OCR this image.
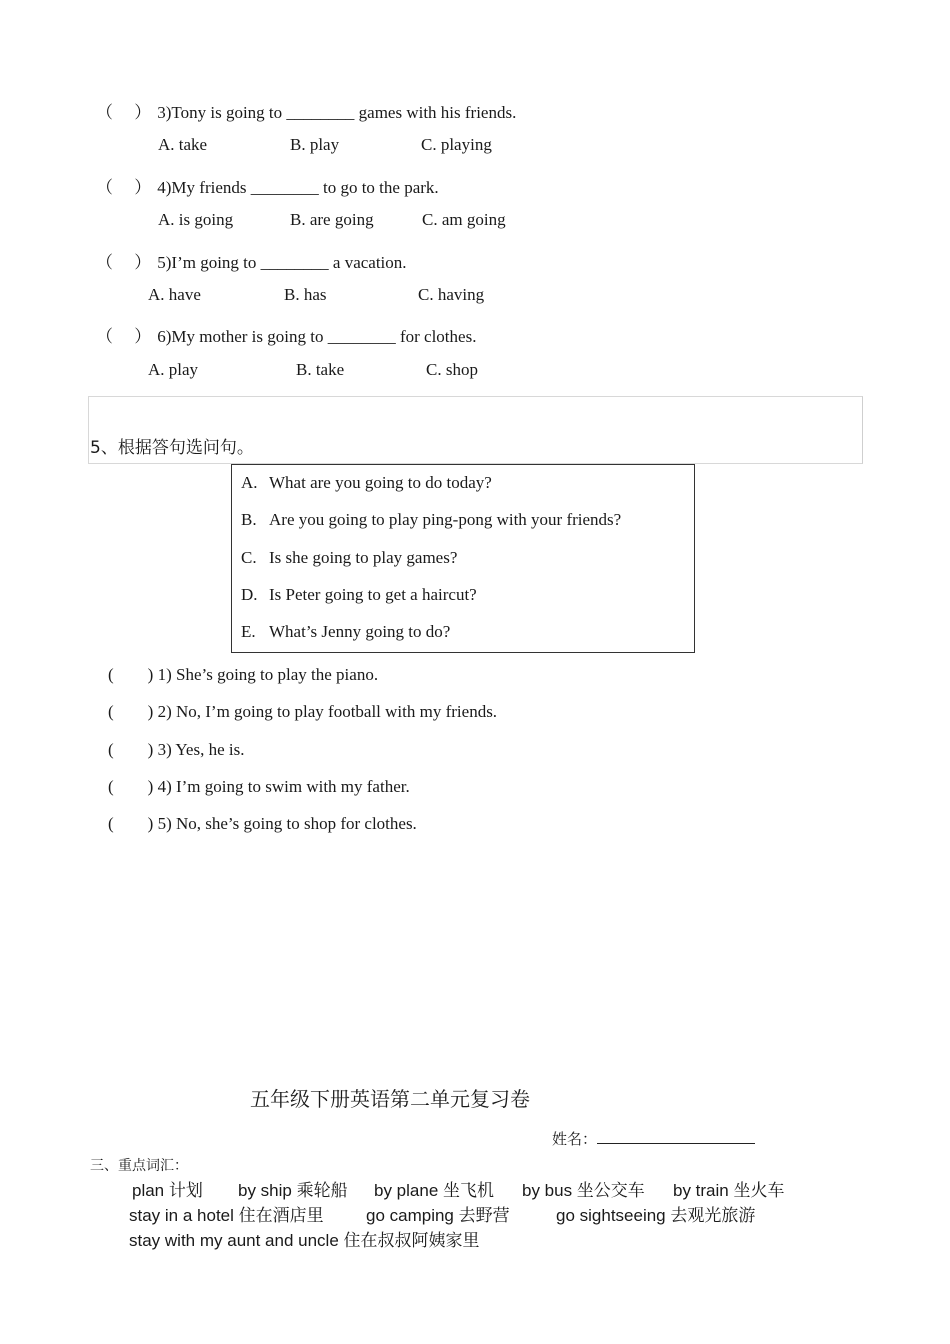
（　 ） 3)Tony is going to ________ games with his friends.
A. take	B. play	C. playing
（　 ） 4)My friends ________ to go to the park.
A. is going	B. are going	C. am going
（　 ） 5)I’m going to ________ a vacation.
A. have	B. has	C. having
（　 ） 6)My mother is going to ________ for clothes.
A. play	B. take	C. shop
5、根据答句选问句。
A. What are you going to do today?
B. Are you going to play ping-pong with your friends?
C. Is she going to play games?
D. Is Peter going to get a haircut?
E. What’s Jenny going to do?
(　　) 1) She’s going to play the piano.
(　　) 2) No, I’m going to play football with my friends.
(　　) 3) Yes, he is.
(　　) 4) I’m going to swim with my father.
(　　) 5) No, she’s going to shop for clothes.
五年级下册英语第二单元复习卷
姓名：
三、重点词汇：
plan 计划 by ship 乘轮船 by plane 坐飞机 by bus 坐公交车 by train 坐火车
stay in a hotel 住在酒店里 go camping 去野营	go sightseeing 去观光旅游
stay with my aunt and uncle 住在叔叔阿姨家里
